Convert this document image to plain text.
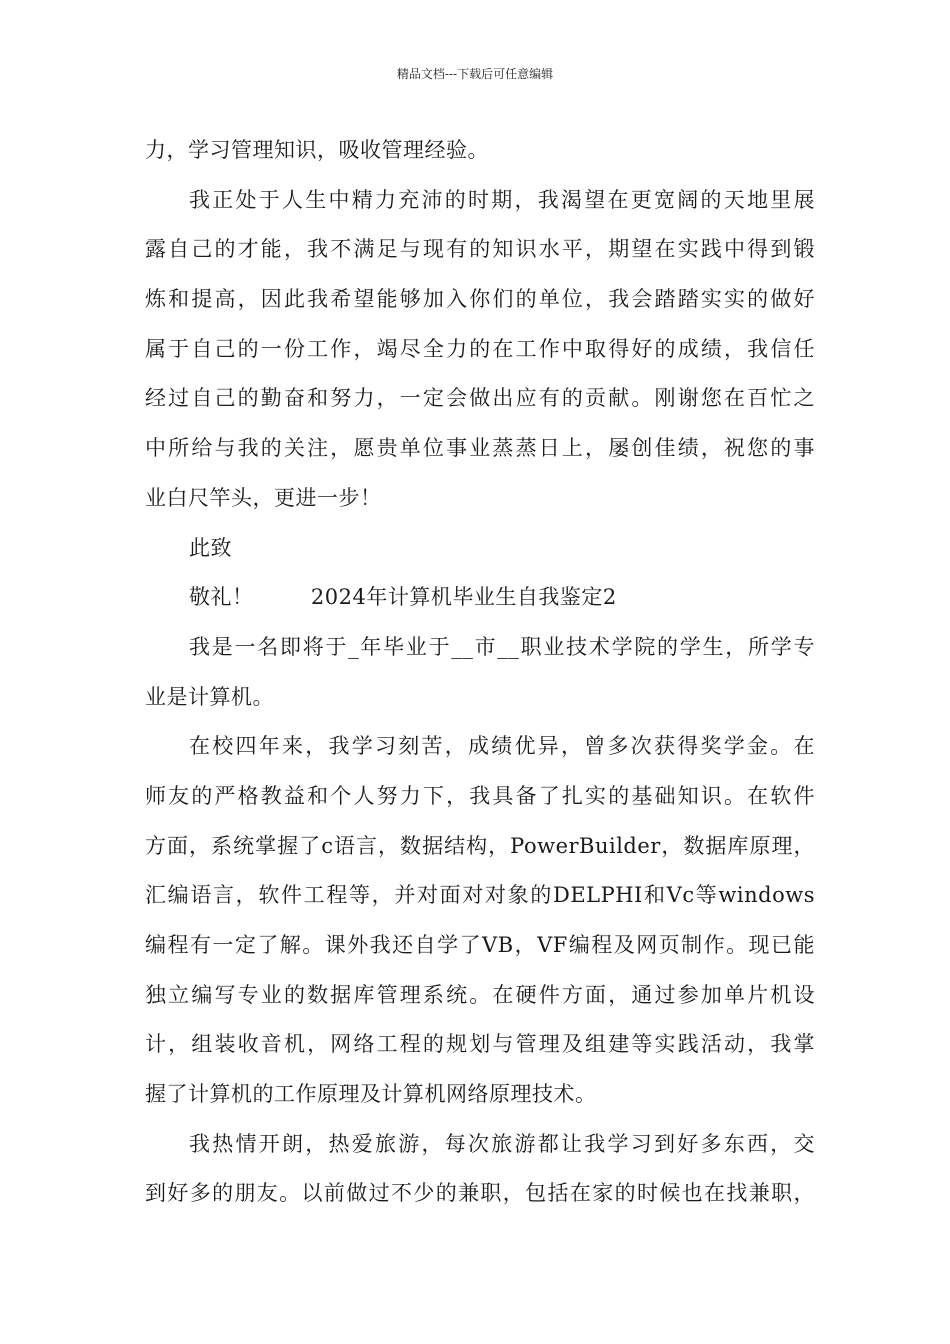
精品文档---下载后可任意编辑
力，学习管理知识，吸收管理经验。
我正处于人生中精力充沛的时期，我渴望在更宽阔的天地里展
露自己的才能，我不满足与现有的知识水平，期望在实践中得到锻
炼和提高，因此我希望能够加入你们的单位，我会踏踏实实的做好
属于自己的一份工作，竭尽全力的在工作中取得好的成绩，我信任
经过自己的勤奋和努力，一定会做出应有的贡献。刚谢您在百忙之
中所给与我的关注，愿贵单位事业蒸蒸日上，屡创佳绩，祝您的事
业白尺竿头，更进一步！
此致
敬礼！        2024年计算机毕业生自我鉴定2
我是一名即将于_年毕业于__市__职业技术学院的学生，所学专
业是计算机。
在校四年来，我学习刻苦，成绩优异，曾多次获得奖学金。在
师友的严格教益和个人努力下，我具备了扎实的基础知识。在软件
方面，系统掌握了c语言，数据结构，PowerBuilder，数据库原理，
汇编语言，软件工程等，并对面对对象的DELPHI和Vc等windows
编程有一定了解。课外我还自学了VB，VF编程及网页制作。现已能
独立编写专业的数据库管理系统。在硬件方面，通过参加单片机设
计，组装收音机，网络工程的规划与管理及组建等实践活动，我掌
握了计算机的工作原理及计算机网络原理技术。
我热情开朗，热爱旅游，每次旅游都让我学习到好多东西，交
到好多的朋友。以前做过不少的兼职，包括在家的时候也在找兼职，
